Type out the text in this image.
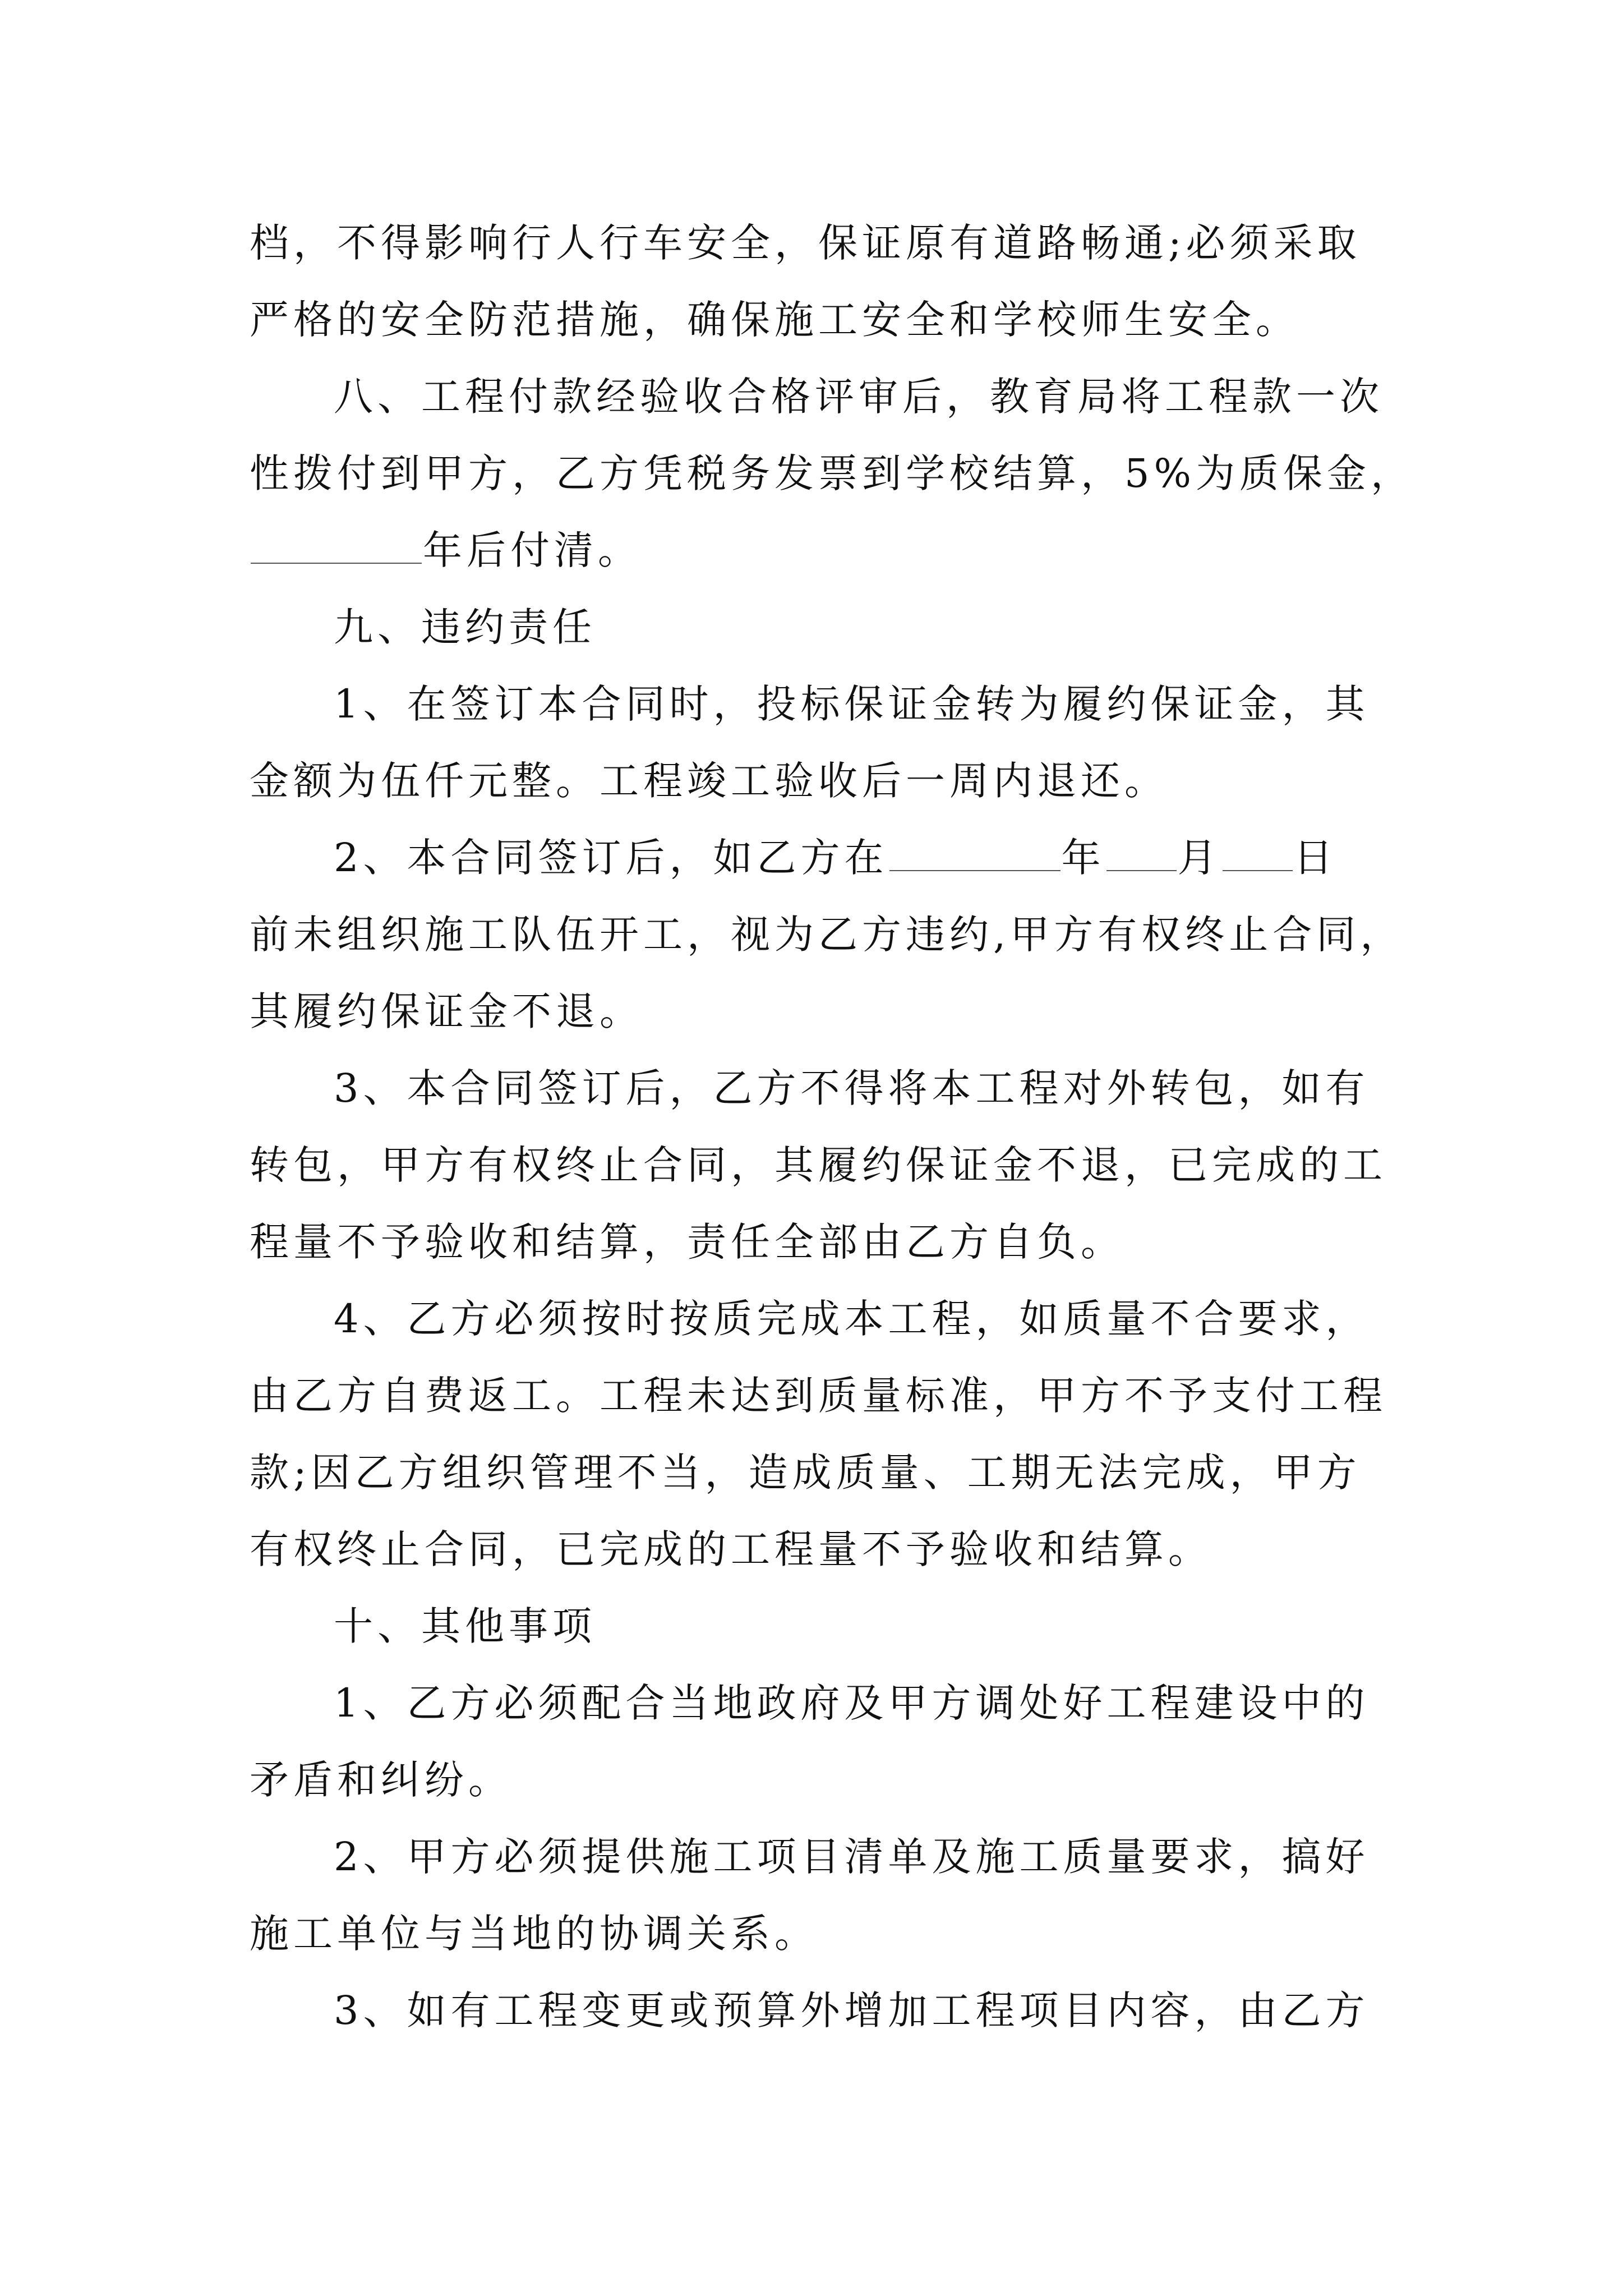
档，不得影响行人行车安全，保证原有道路畅通;必须采取
严格的安全防范措施，确保施工安全和学校师生安全。
八、工程付款经验收合格评审后，教育局将工程款一次
性拨付到甲方，乙方凭税务发票到学校结算，5%为质保金，
年后付清。
九、违约责任
1、在签订本合同时，投标保证金转为履约保证金，其
金额为伍仟元整。工程竣工验收后一周内退还。
2、本合同签订后，如乙方在	年 月 日
前未组织施工队伍开工，视为乙方违约,甲方有权终止合同，
其履约保证金不退。
3、本合同签订后，乙方不得将本工程对外转包，如有
转包，甲方有权终止合同，其履约保证金不退，已完成的工
程量不予验收和结算，责任全部由乙方自负。
4、乙方必须按时按质完成本工程，如质量不合要求，
由乙方自费返工。工程未达到质量标准，甲方不予支付工程
款;因乙方组织管理不当，造成质量、工期无法完成，甲方
有权终止合同，已完成的工程量不予验收和结算。
十、其他事项
1、乙方必须配合当地政府及甲方调处好工程建设中的
矛盾和纠纷。
2、甲方必须提供施工项目清单及施工质量要求，搞好
施工单位与当地的协调关系。
3、如有工程变更或预算外增加工程项目内容，由乙方
